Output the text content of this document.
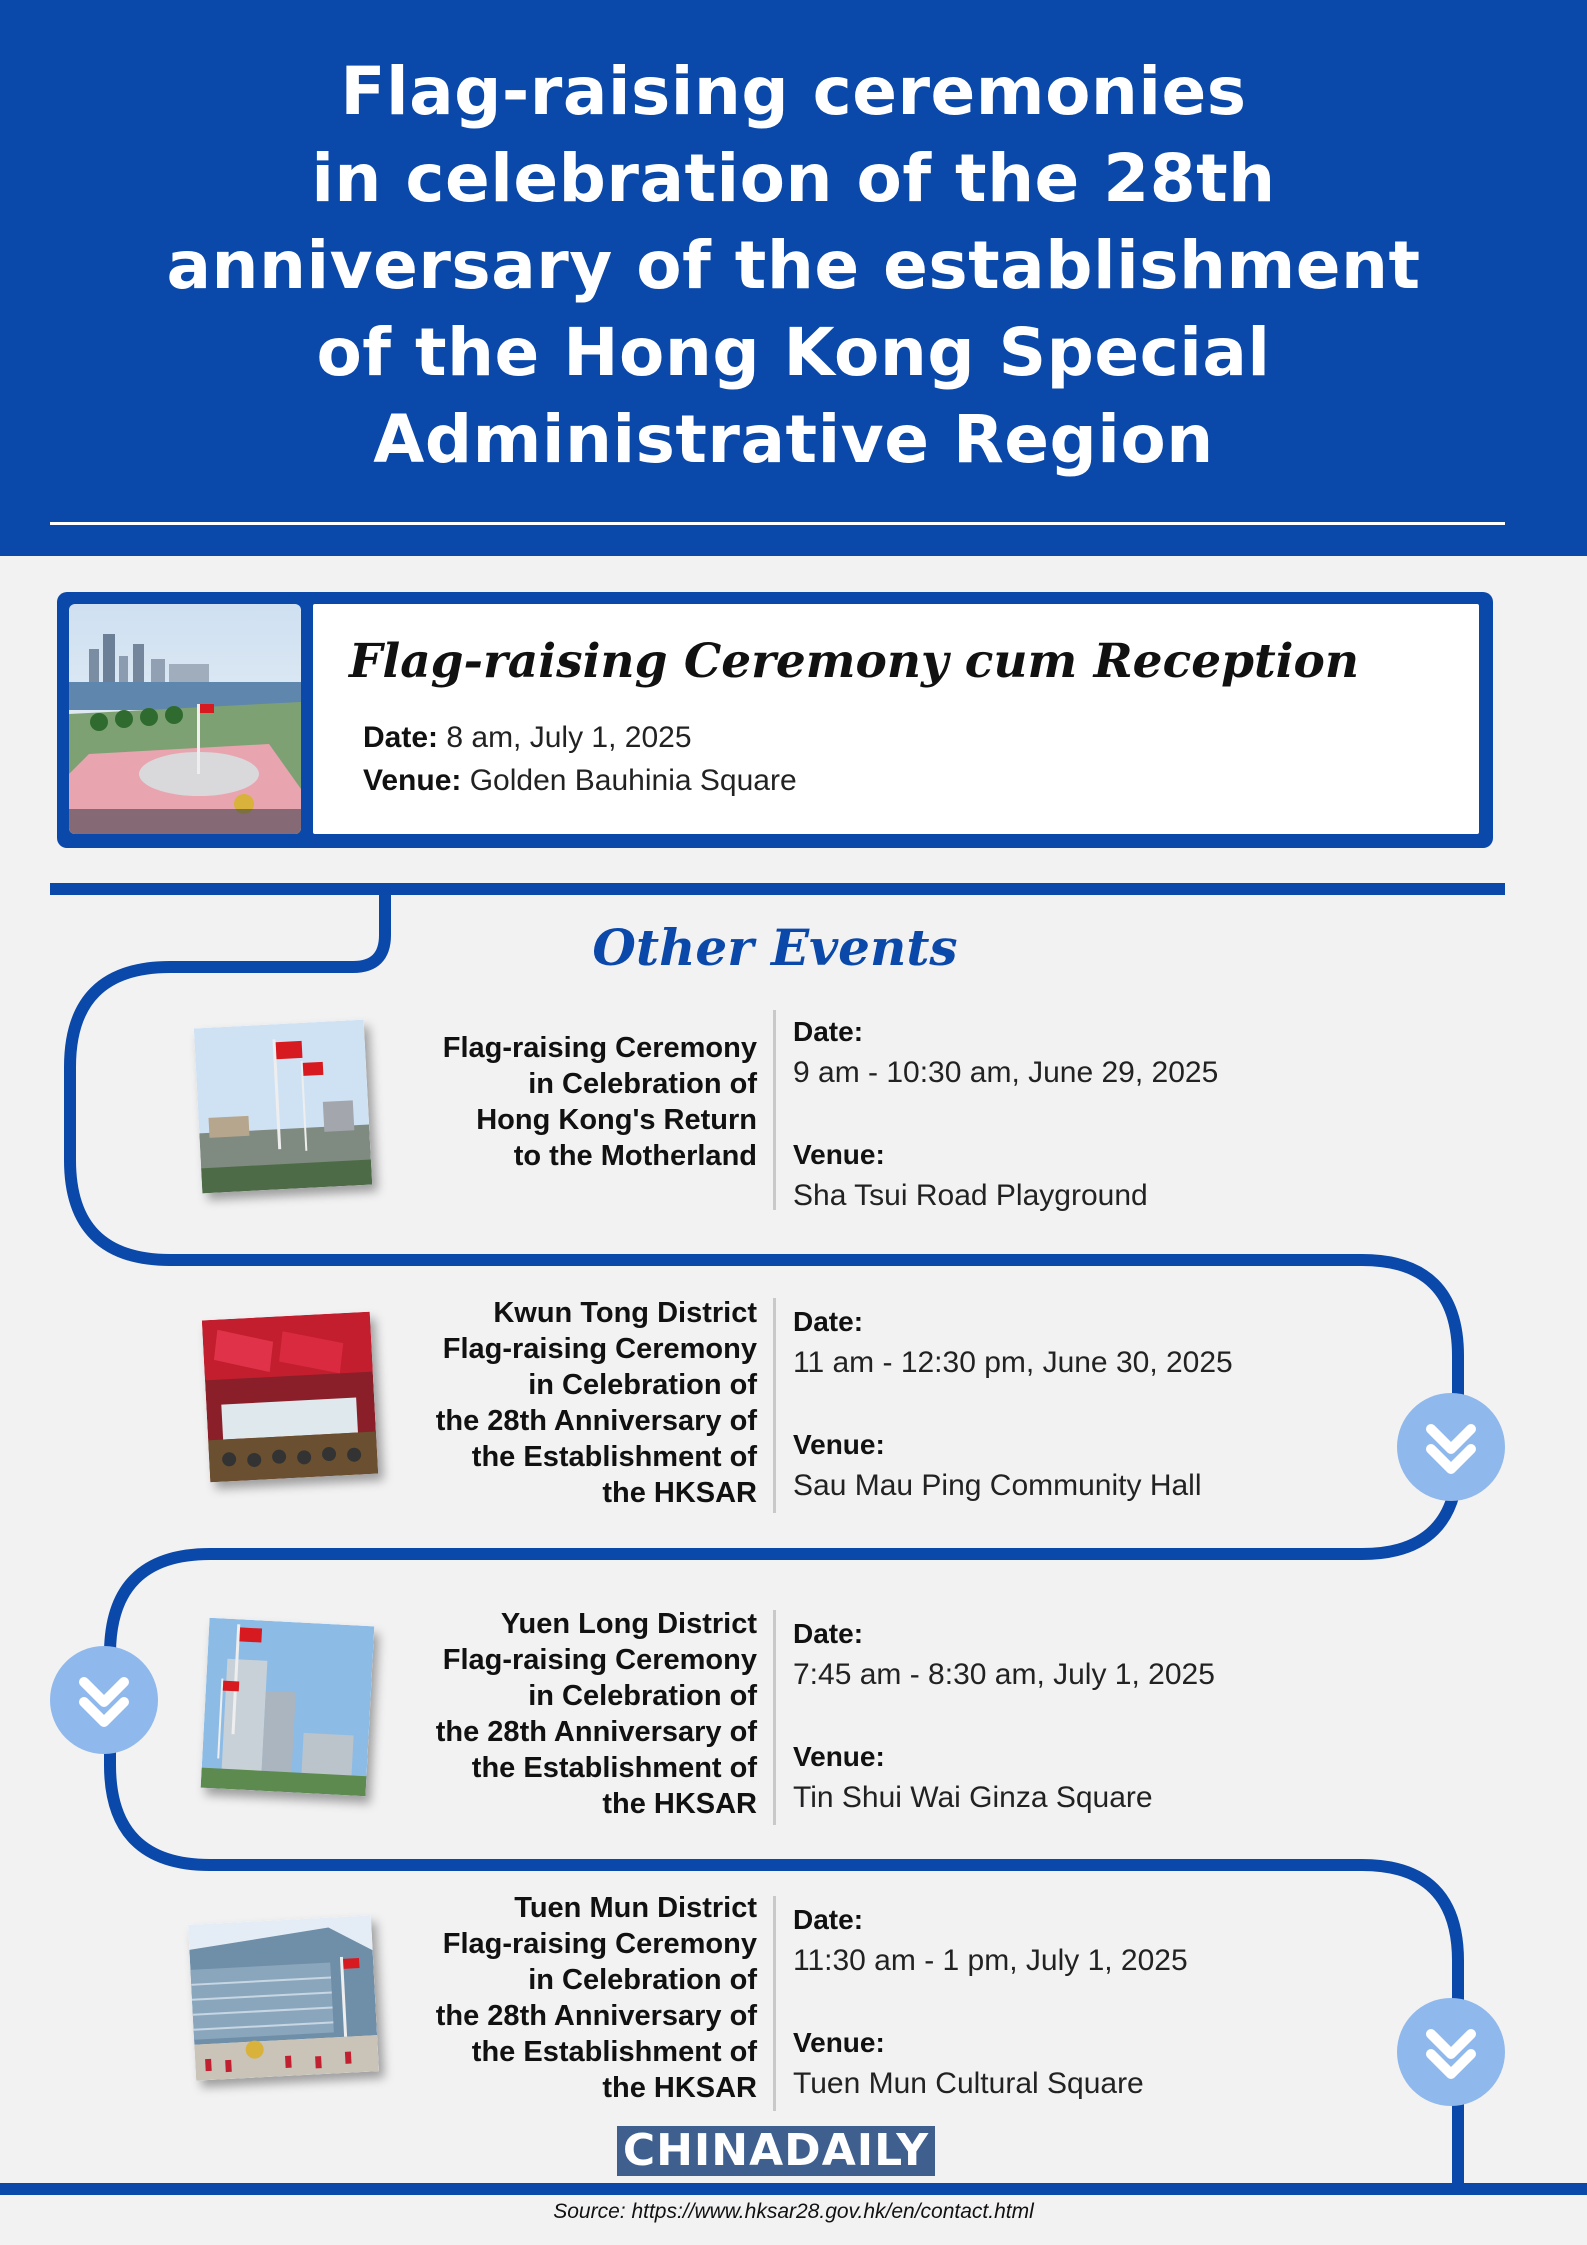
Flag-raising ceremonies
in celebration of the 28th
anniversary of the establishment
of the Hong Kong Special
Administrative Region
Flag-raising Ceremony cum Reception
Date: 8 am, July 1, 2025
Venue: Golden Bauhinia Square
Other Events
Flag-raising Ceremony
in Celebration of
Hong Kong's Return
to the Motherland
Date:
9 am - 10:30 am, June 29, 2025
Venue:
Sha Tsui Road Playground
Kwun Tong District
Flag-raising Ceremony
in Celebration of
the 28th Anniversary of
the Establishment of
the HKSAR
Date:
11 am - 12:30 pm, June 30, 2025
Venue:
Sau Mau Ping Community Hall
Yuen Long District
Flag-raising Ceremony
in Celebration of
the 28th Anniversary of
the Establishment of
the HKSAR
Date:
7:45 am - 8:30 am, July 1, 2025
Venue:
Tin Shui Wai Ginza Square
Tuen Mun District
Flag-raising Ceremony
in Celebration of
the 28th Anniversary of
the Establishment of
the HKSAR
Date:
11:30 am - 1 pm, July 1, 2025
Venue:
Tuen Mun Cultural Square
CHINADAILY
Source: https://www.hksar28.gov.hk/en/contact.html
